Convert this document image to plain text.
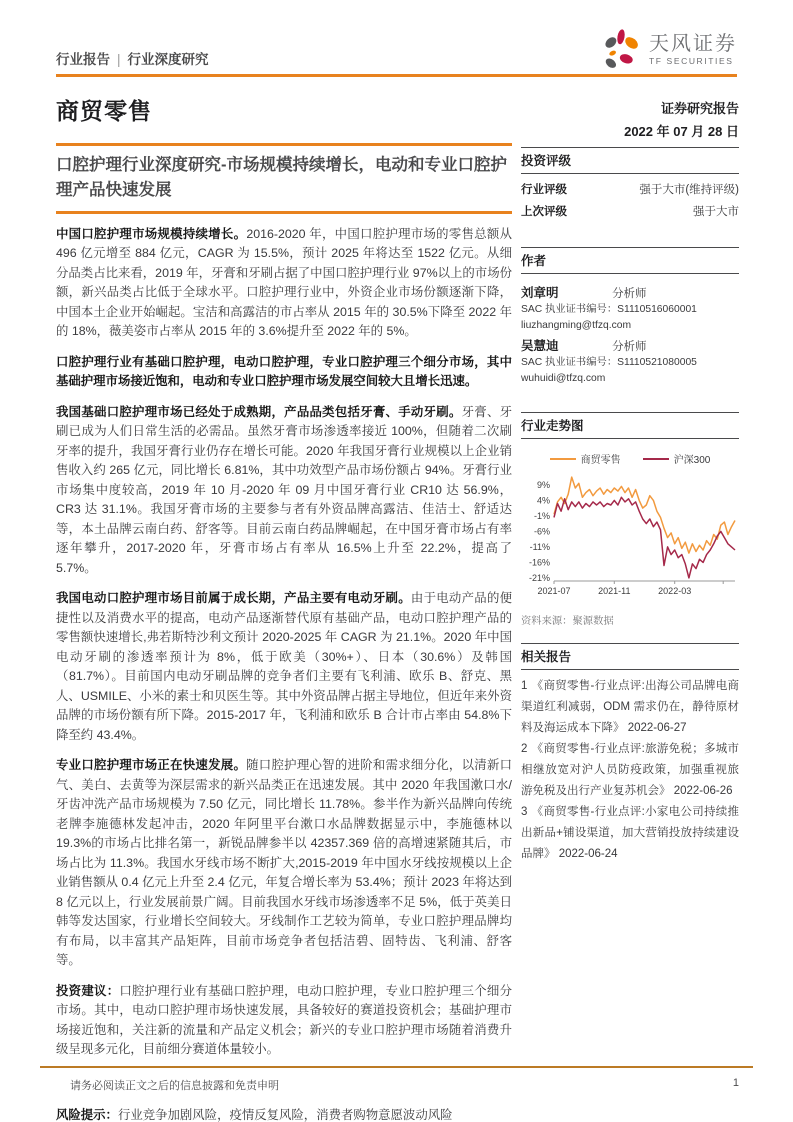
行业报告 | 行业深度研究
天风证券
TF SECURITIES
商贸零售
口腔护理行业深度研究-市场规模持续增长，电动和专业口腔护理产品快速发展

中国口腔护理市场规模持续增长。2016-2020 年，中国口腔护理市场的零售总额从 496 亿元增至 884 亿元，CAGR 为 15.5%，预计 2025 年将达至 1522 亿元。从细分品类占比来看，2019 年，牙膏和牙刷占据了中国口腔护理行业 97%以上的市场份额，新兴品类占比低于全球水平。口腔护理行业中，外资企业市场份额逐渐下降，中国本土企业开始崛起。宝洁和高露洁的市占率从 2015 年的 30.5%下降至 2022 年的 18%，薇美姿市占率从 2015 年的 3.6%提升至 2022 年的 5%。

口腔护理行业有基础口腔护理，电动口腔护理，专业口腔护理三个细分市场，其中基础护理市场接近饱和，电动和专业口腔护理市场发展空间较大且增长迅速。

我国基础口腔护理市场已经处于成熟期，产品品类包括牙膏、手动牙刷。牙膏、牙刷已成为人们日常生活的必需品。虽然牙膏市场渗透率接近 100%，但随着二次刷牙率的提升，我国牙膏行业仍存在增长可能。2020 年我国牙膏行业规模以上企业销售收入约 265 亿元，同比增长 6.81%，其中功效型产品市场份额占 94%。牙膏行业市场集中度较高，2019 年 10 月-2020 年 09 月中国牙膏行业 CR10 达 56.9%，CR3 达 31.1%。我国牙膏市场的主要参与者有外资品牌高露洁、佳洁士、舒适达等，本土品牌云南白药、舒客等。目前云南白药品牌崛起，在中国牙膏市场占有率逐年攀升，2017-2020 年，牙膏市场占有率从 16.5%上升至 22.2%，提高了 5.7%。

我国电动口腔护理市场目前属于成长期，产品主要有电动牙刷。由于电动产品的便捷性以及消费水平的提高，电动产品逐渐替代原有基础产品，电动口腔护理产品的零售额快速增长,弗若斯特沙利文预计 2020-2025 年 CAGR 为 21.1%。2020 年中国电动牙刷的渗透率预计为 8%，低于欧美（30%+）、日本（30.6%）及韩国（81.7%）。目前国内电动牙刷品牌的竞争者们主要有飞利浦、欧乐 B、舒克、黑人、USMILE、小米的素士和贝医生等。其中外资品牌占据主导地位，但近年来外资品牌的市场份额有所下降。2015-2017 年，飞利浦和欧乐 B 合计市占率由 54.8%下降至约 43.4%。

专业口腔护理市场正在快速发展。随口腔护理心智的进阶和需求细分化，以清新口气、美白、去黄等为深层需求的新兴品类正在迅速发展。其中 2020 年我国漱口水/牙齿冲洗产品市场规模为 7.50 亿元，同比增长 11.78%。参半作为新兴品牌向传统老牌李施德林发起冲击，2020 年阿里平台漱口水品牌数据显示中，李施德林以 19.3%的市场占比排名第一，新锐品牌参半以 42357.369 倍的高增速紧随其后，市场占比为 11.3%。我国水牙线市场不断扩大,2015-2019 年中国水牙线按规模以上企业销售额从 0.4 亿元上升至 2.4 亿元，年复合增长率为 53.4%；预计 2023 年将达到 8 亿元以上，行业发展前景广阔。目前我国水牙线市场渗透率不足 5%，低于英美日韩等发达国家，行业增长空间较大。牙线制作工艺较为简单，专业口腔护理品牌均有布局，以丰富其产品矩阵，目前市场竞争者包括洁碧、固特齿、飞利浦、舒客等。

投资建议：口腔护理行业有基础口腔护理，电动口腔护理，专业口腔护理三个细分市场。其中，电动口腔护理市场快速发展，具备较好的赛道投资机会；基础护理市场接近饱和，关注新的流量和产品定义机会；新兴的专业口腔护理市场随着消费升级呈现多元化，目前细分赛道体量较小。

风险提示：行业竞争加剧风险，疫情反复风险，消费者购物意愿波动风险

证券研究报告
2022 年 07 月 28 日
投资评级
行业评级	强于大市(维持评级)
上次评级	强于大市
作者
刘章明	分析师
SAC 执业证书编号：S1110516060001
liuzhangming@tfzq.com
吴慧迪	分析师
SAC 执业证书编号：S1110521080005
wuhuidi@tfzq.com
行业走势图
商贸零售	沪深300
9%
4%
-1%
-6%
-11%
-16%
-21%
2021-07	2021-11	2022-03
资料来源：聚源数据
相关报告
1 《商贸零售-行业点评:出海公司品牌电商渠道红利减弱，ODM 需求仍在，静待原材料及海运成本下降》 2022-06-27
2 《商贸零售-行业点评:旅游免税；多城市相继放宽对沪人员防疫政策，加强重视旅游免税及出行产业复苏机会》 2022-06-26
3 《商贸零售-行业点评:小家电公司持续推出新品+铺设渠道，加大营销投放持续建设品牌》 2022-06-24
请务必阅读正文之后的信息披露和免责申明	1
